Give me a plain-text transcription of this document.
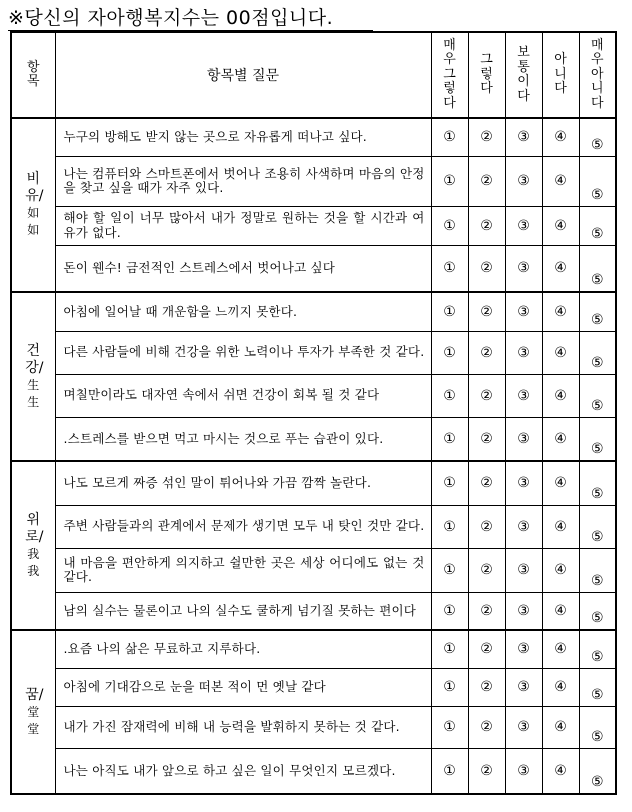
※당신의 자아행복지수는 00점입니다.
항목	항목별 질문	매우그렇다	그렇다	보통이다	아니다	매우아니다
비유/如如	누구의 방해도 받지 않는 곳으로 자유롭게 떠나고 싶다.	①	②	③	④	⑤
	나는 컴퓨터와 스마트폰에서 벗어나 조용히 사색하며 마음의 안정을 찾고 싶을 때가 자주 있다.	①	②	③	④	⑤
	해야 할 일이 너무 많아서 내가 정말로 원하는 것을 할 시간과 여유가 없다.	①	②	③	④	⑤
	돈이 웬수! 금전적인 스트레스에서 벗어나고 싶다	①	②	③	④	⑤
건강/生生	아침에 일어날 때 개운함을 느끼지 못한다.	①	②	③	④	⑤
	다른 사람들에 비해 건강을 위한 노력이나 투자가 부족한 것 같다.	①	②	③	④	⑤
	며칠만이라도 대자연 속에서 쉬면 건강이 회복 될 것 같다	①	②	③	④	⑤
	.스트레스를 받으면 먹고 마시는 것으로 푸는 습관이 있다.	①	②	③	④	⑤
위로/我我	나도 모르게 짜증 섞인 말이 튀어나와 가끔 깜짝 놀란다.	①	②	③	④	⑤
	주변 사람들과의 관계에서 문제가 생기면 모두 내 탓인 것만 같다.	①	②	③	④	⑤
	내 마음을 편안하게 의지하고 쉴만한 곳은 세상 어디에도 없는 것 같다.	①	②	③	④	⑤
	남의 실수는 물론이고 나의 실수도 쿨하게 넘기질 못하는 편이다	①	②	③	④	⑤
꿈/堂堂	.요즘 나의 삶은 무료하고 지루하다.	①	②	③	④	⑤
	아침에 기대감으로 눈을 떠본 적이 먼 옛날 같다	①	②	③	④	⑤
	내가 가진 잠재력에 비해 내 능력을 발휘하지 못하는 것 같다.	①	②	③	④	⑤
	나는 아직도 내가 앞으로 하고 싶은 일이 무엇인지 모르겠다.	①	②	③	④	⑤
